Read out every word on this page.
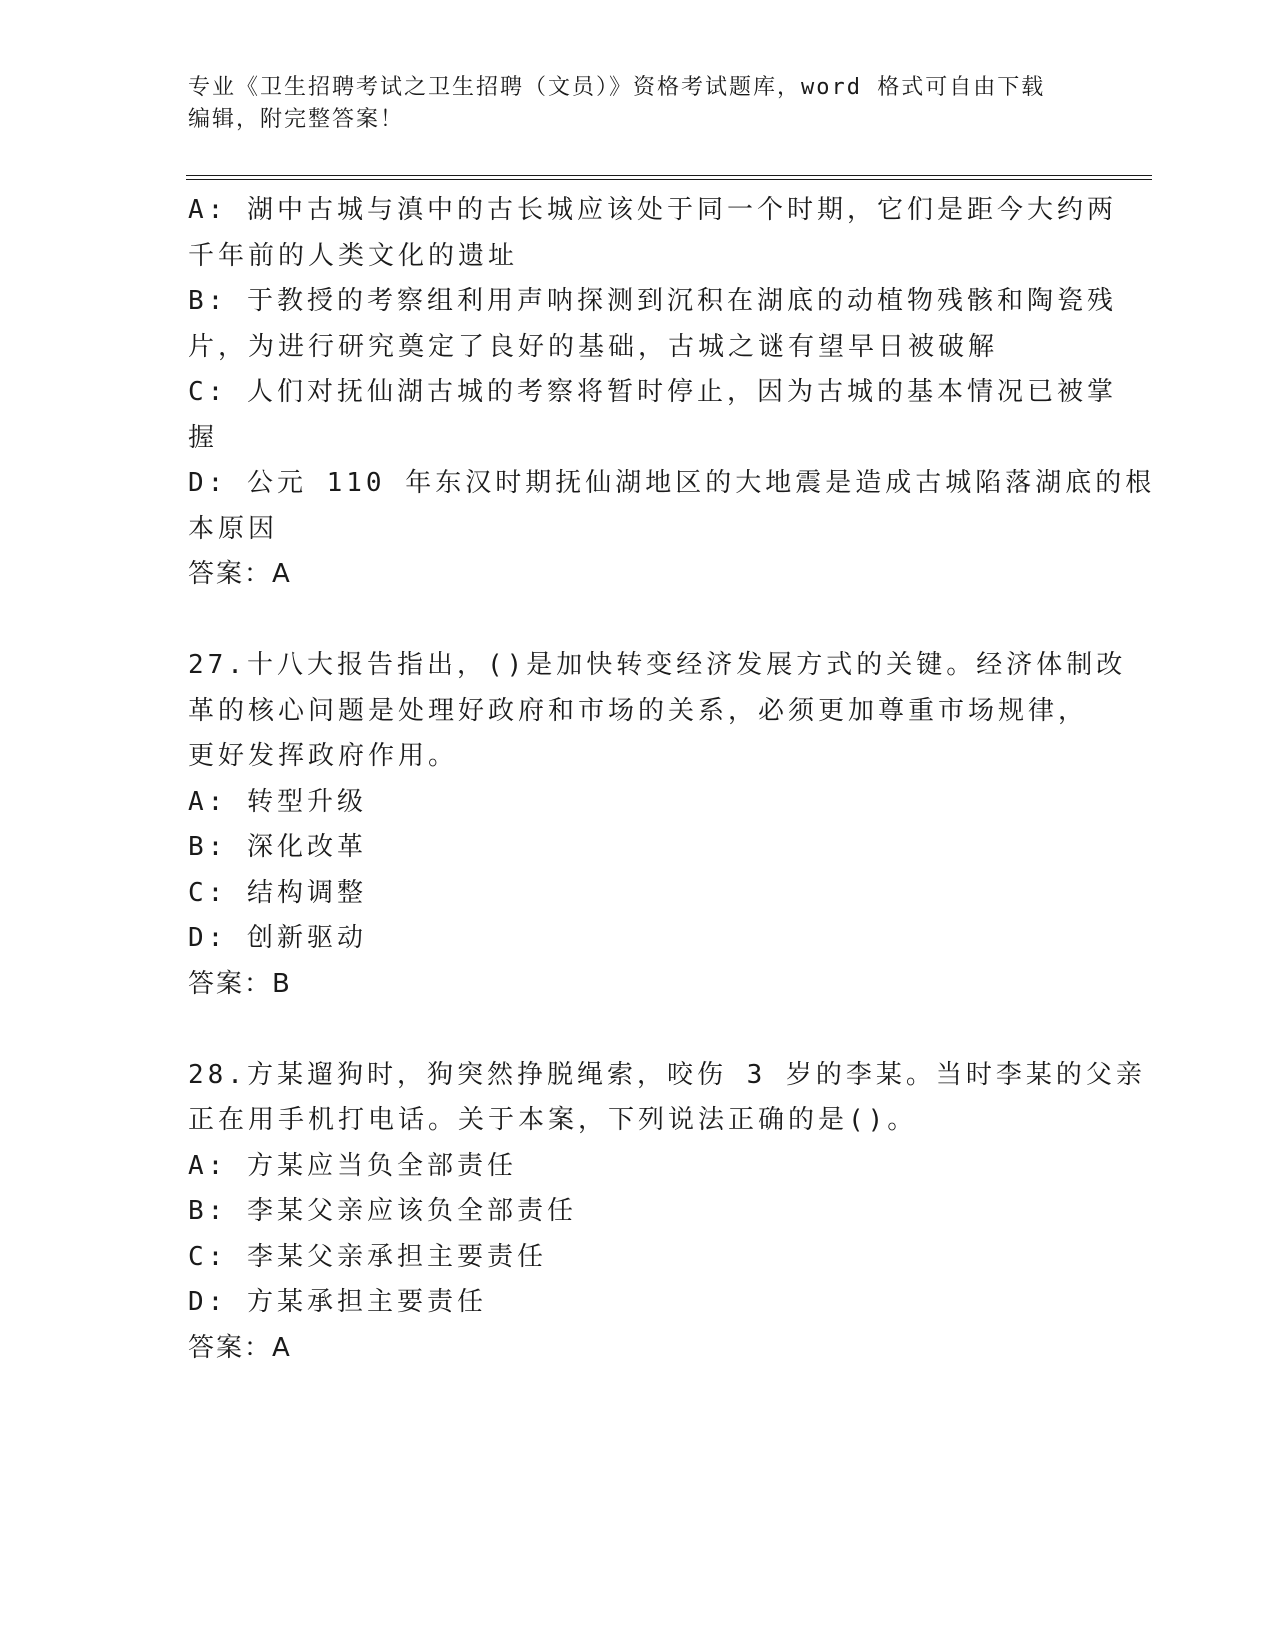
专业《卫生招聘考试之卫生招聘（文员）》资格考试题库，word 格式可自由下载
编辑，附完整答案！
A: 湖中古城与滇中的古长城应该处于同一个时期，它们是距今大约两
千年前的人类文化的遗址
B: 于教授的考察组利用声呐探测到沉积在湖底的动植物残骸和陶瓷残
片，为进行研究奠定了良好的基础，古城之谜有望早日被破解
C: 人们对抚仙湖古城的考察将暂时停止，因为古城的基本情况已被掌
握
D: 公元 110 年东汉时期抚仙湖地区的大地震是造成古城陷落湖底的根
本原因
答案：A
27.十八大报告指出，()是加快转变经济发展方式的关键。经济体制改
革的核心问题是处理好政府和市场的关系，必须更加尊重市场规律，
更好发挥政府作用。
A: 转型升级
B: 深化改革
C: 结构调整
D: 创新驱动
答案：B
28.方某遛狗时，狗突然挣脱绳索，咬伤 3 岁的李某。当时李某的父亲
正在用手机打电话。关于本案，下列说法正确的是()。
A: 方某应当负全部责任
B: 李某父亲应该负全部责任
C: 李某父亲承担主要责任
D: 方某承担主要责任
答案：A
